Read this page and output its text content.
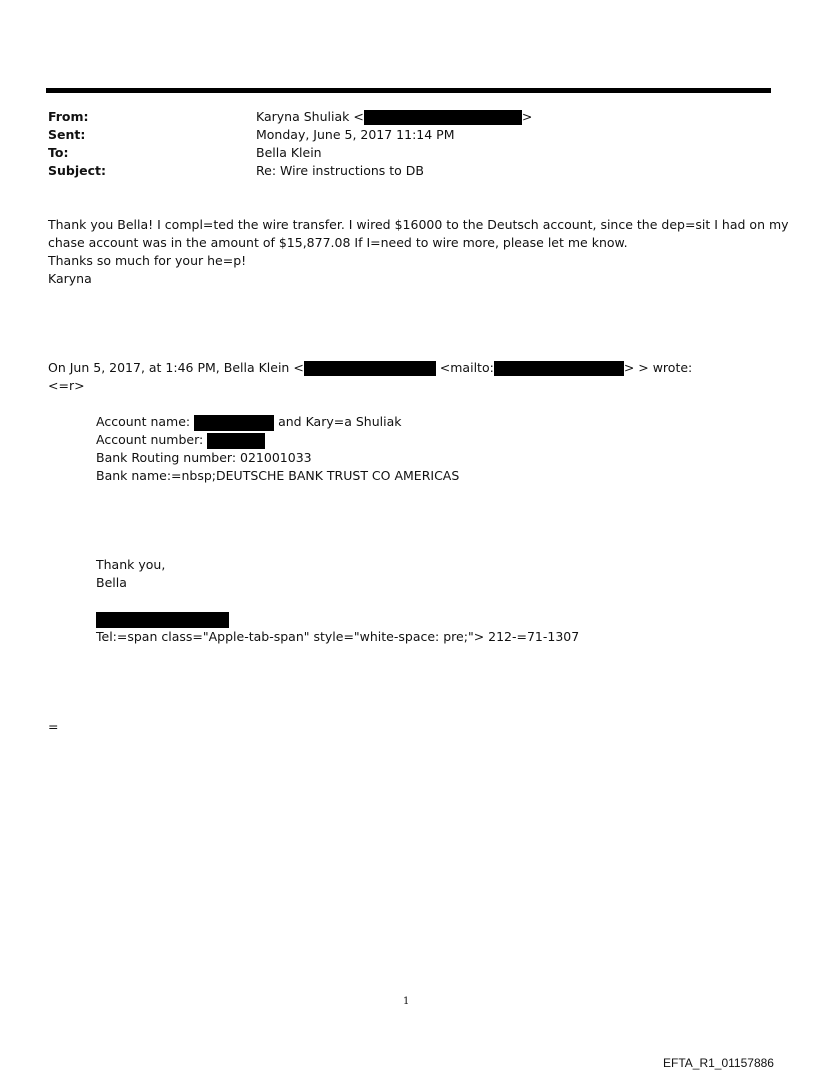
From:	Karyna Shuliak <	>
Sent:	Monday, June 5, 2017 11:14 PM
To:	Bella Klein
Subject:	Re: Wire instructions to DB
Thank you Bella! I compl=ted the wire transfer. I wired $16000 to the Deutsch account, since the dep=sit I had on my
chase account was in the amount of $15,877.08 If I=need to wire more, please let me know.
Thanks so much for your he=p!
Karyna
On Jun 5, 2017, at 1:46 PM, Bella Klein <	<mailto:	> > wrote:
<=r>
Account name:	and Kary=a Shuliak
Account number:
Bank Routing number: 021001033
Bank name:=nbsp;DEUTSCHE BANK TRUST CO AMERICAS
Thank you,
Bella
Tel:=span class="Apple-tab-span" style="white-space: pre;"> 212-=71-1307
=
1
EFTA_R1_01157886
